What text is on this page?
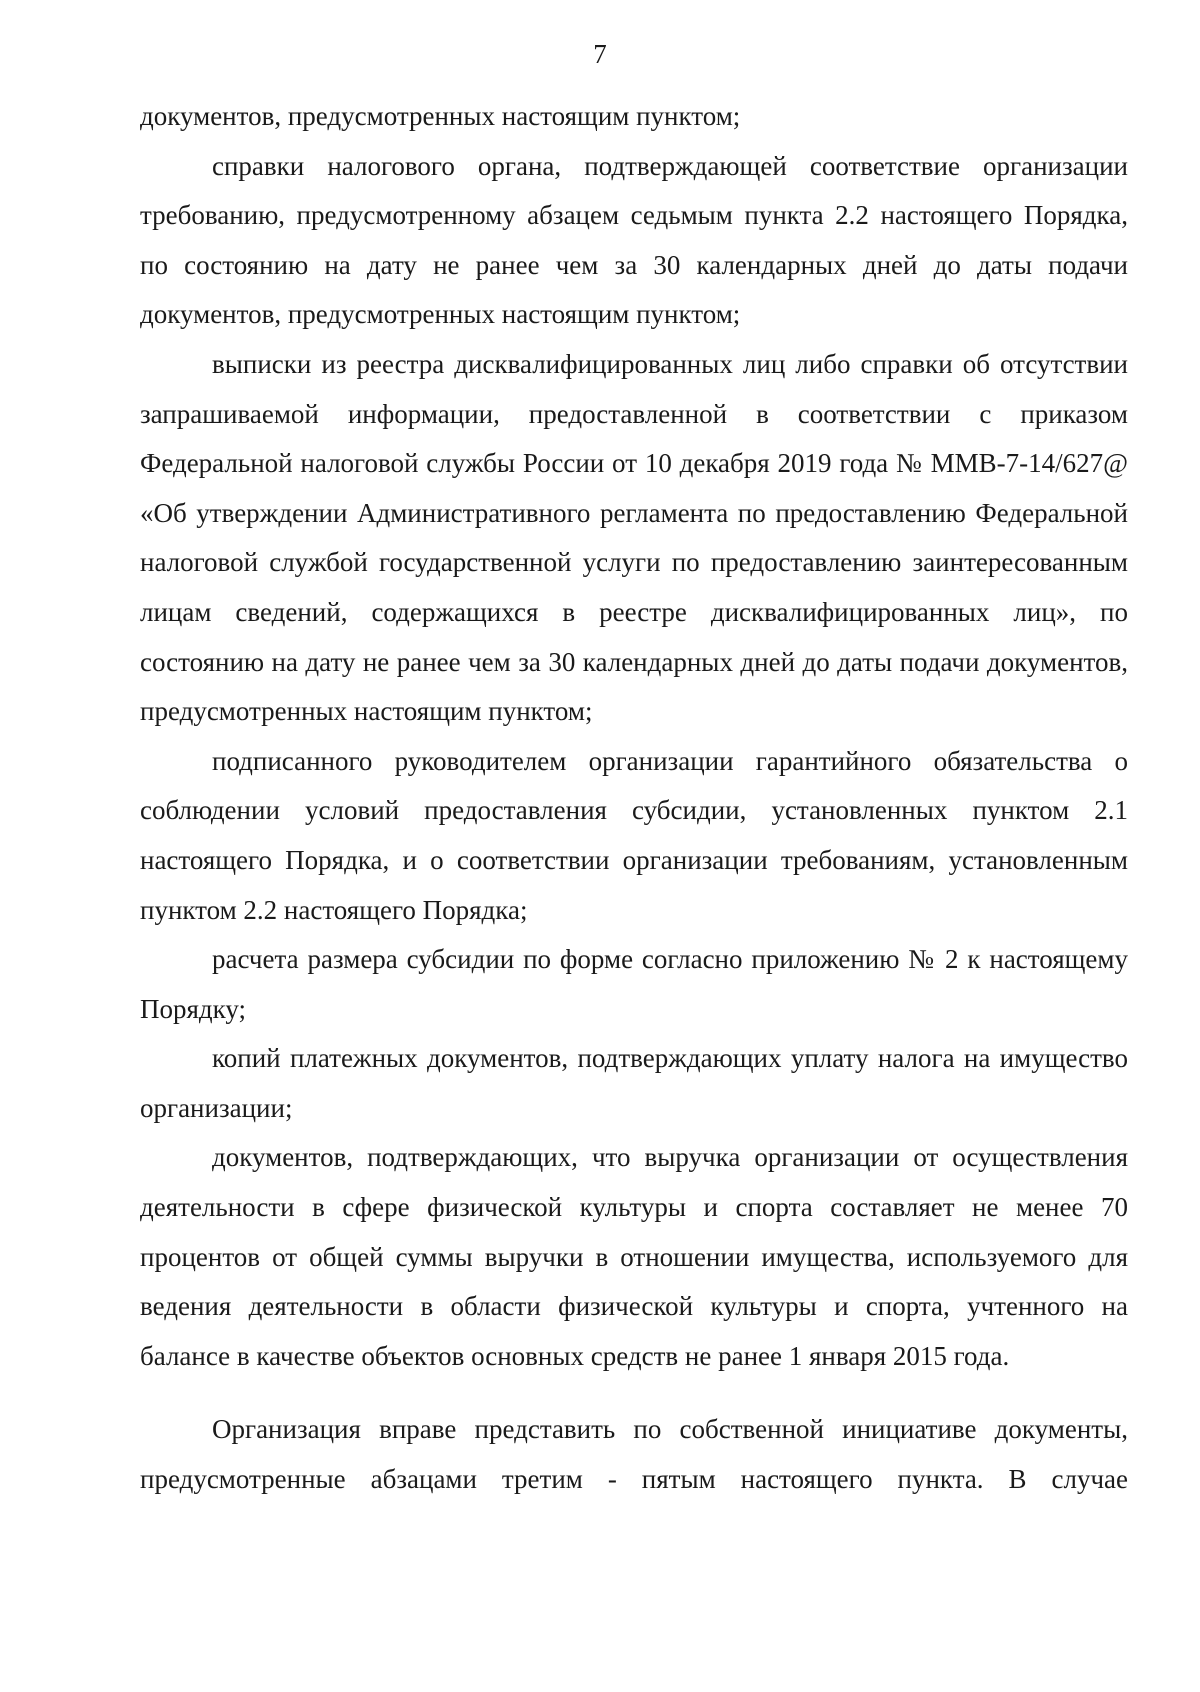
7

документов, предусмотренных настоящим пунктом;

справки налогового органа, подтверждающей соответствие организации требованию, предусмотренному абзацем седьмым пункта 2.2 настоящего Порядка, по состоянию на дату не ранее чем за 30 календарных дней до даты подачи документов, предусмотренных настоящим пунктом;

выписки из реестра дисквалифицированных лиц либо справки об отсутствии запрашиваемой информации, предоставленной в соответствии с приказом Федеральной налоговой службы России от 10 декабря 2019 года № ММВ-7-14/627@ «Об утверждении Административного регламента по предоставлению Федеральной налоговой службой государственной услуги по предоставлению заинтересованным лицам сведений, содержащихся в реестре дисквалифицированных лиц», по состоянию на дату не ранее чем за 30 календарных дней до даты подачи документов, предусмотренных настоящим пунктом;

подписанного руководителем организации гарантийного обязательства о соблюдении условий предоставления субсидии, установленных пунктом 2.1 настоящего Порядка, и о соответствии организации требованиям, установленным пунктом 2.2 настоящего Порядка;

расчета размера субсидии по форме согласно приложению № 2 к настоящему Порядку;

копий платежных документов, подтверждающих уплату налога на имущество организации;

документов, подтверждающих, что выручка организации от осуществления деятельности в сфере физической культуры и спорта составляет не менее 70 процентов от общей суммы выручки в отношении имущества, используемого для ведения деятельности в области физической культуры и спорта, учтенного на балансе в качестве объектов основных средств не ранее 1 января 2015 года.

Организация вправе представить по собственной инициативе документы, предусмотренные абзацами третим - пятым настоящего пункта. В случае
